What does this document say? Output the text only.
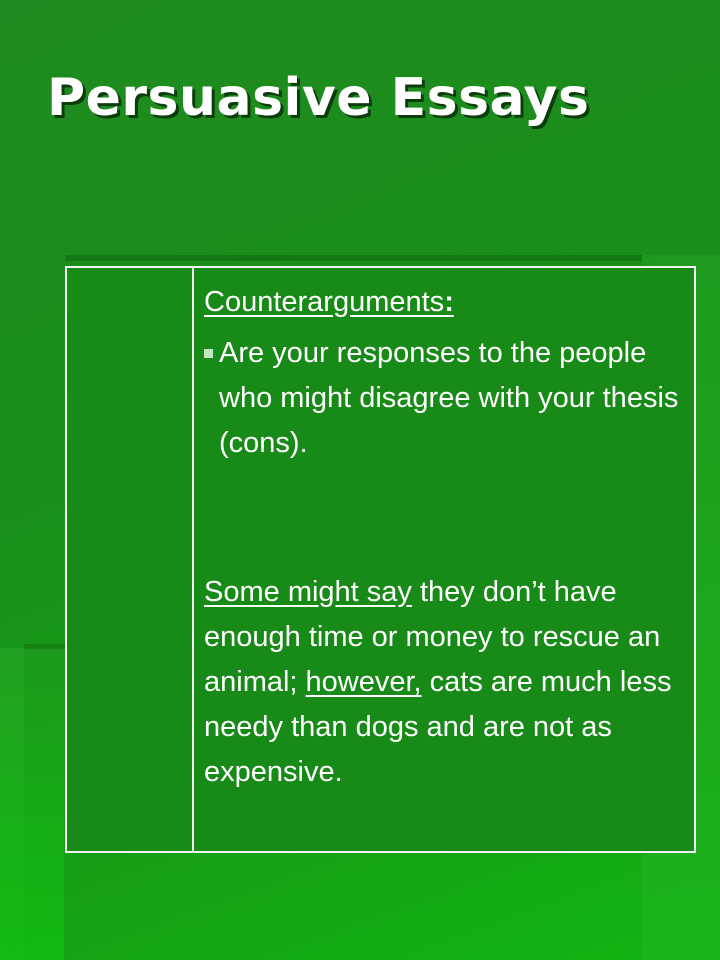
Persuasive Essays

Counterarguments:

Are your responses to the people who might disagree with your thesis (cons).

Some might say they don’t have enough time or money to rescue an animal; however, cats are much less needy than dogs and are not as expensive.
